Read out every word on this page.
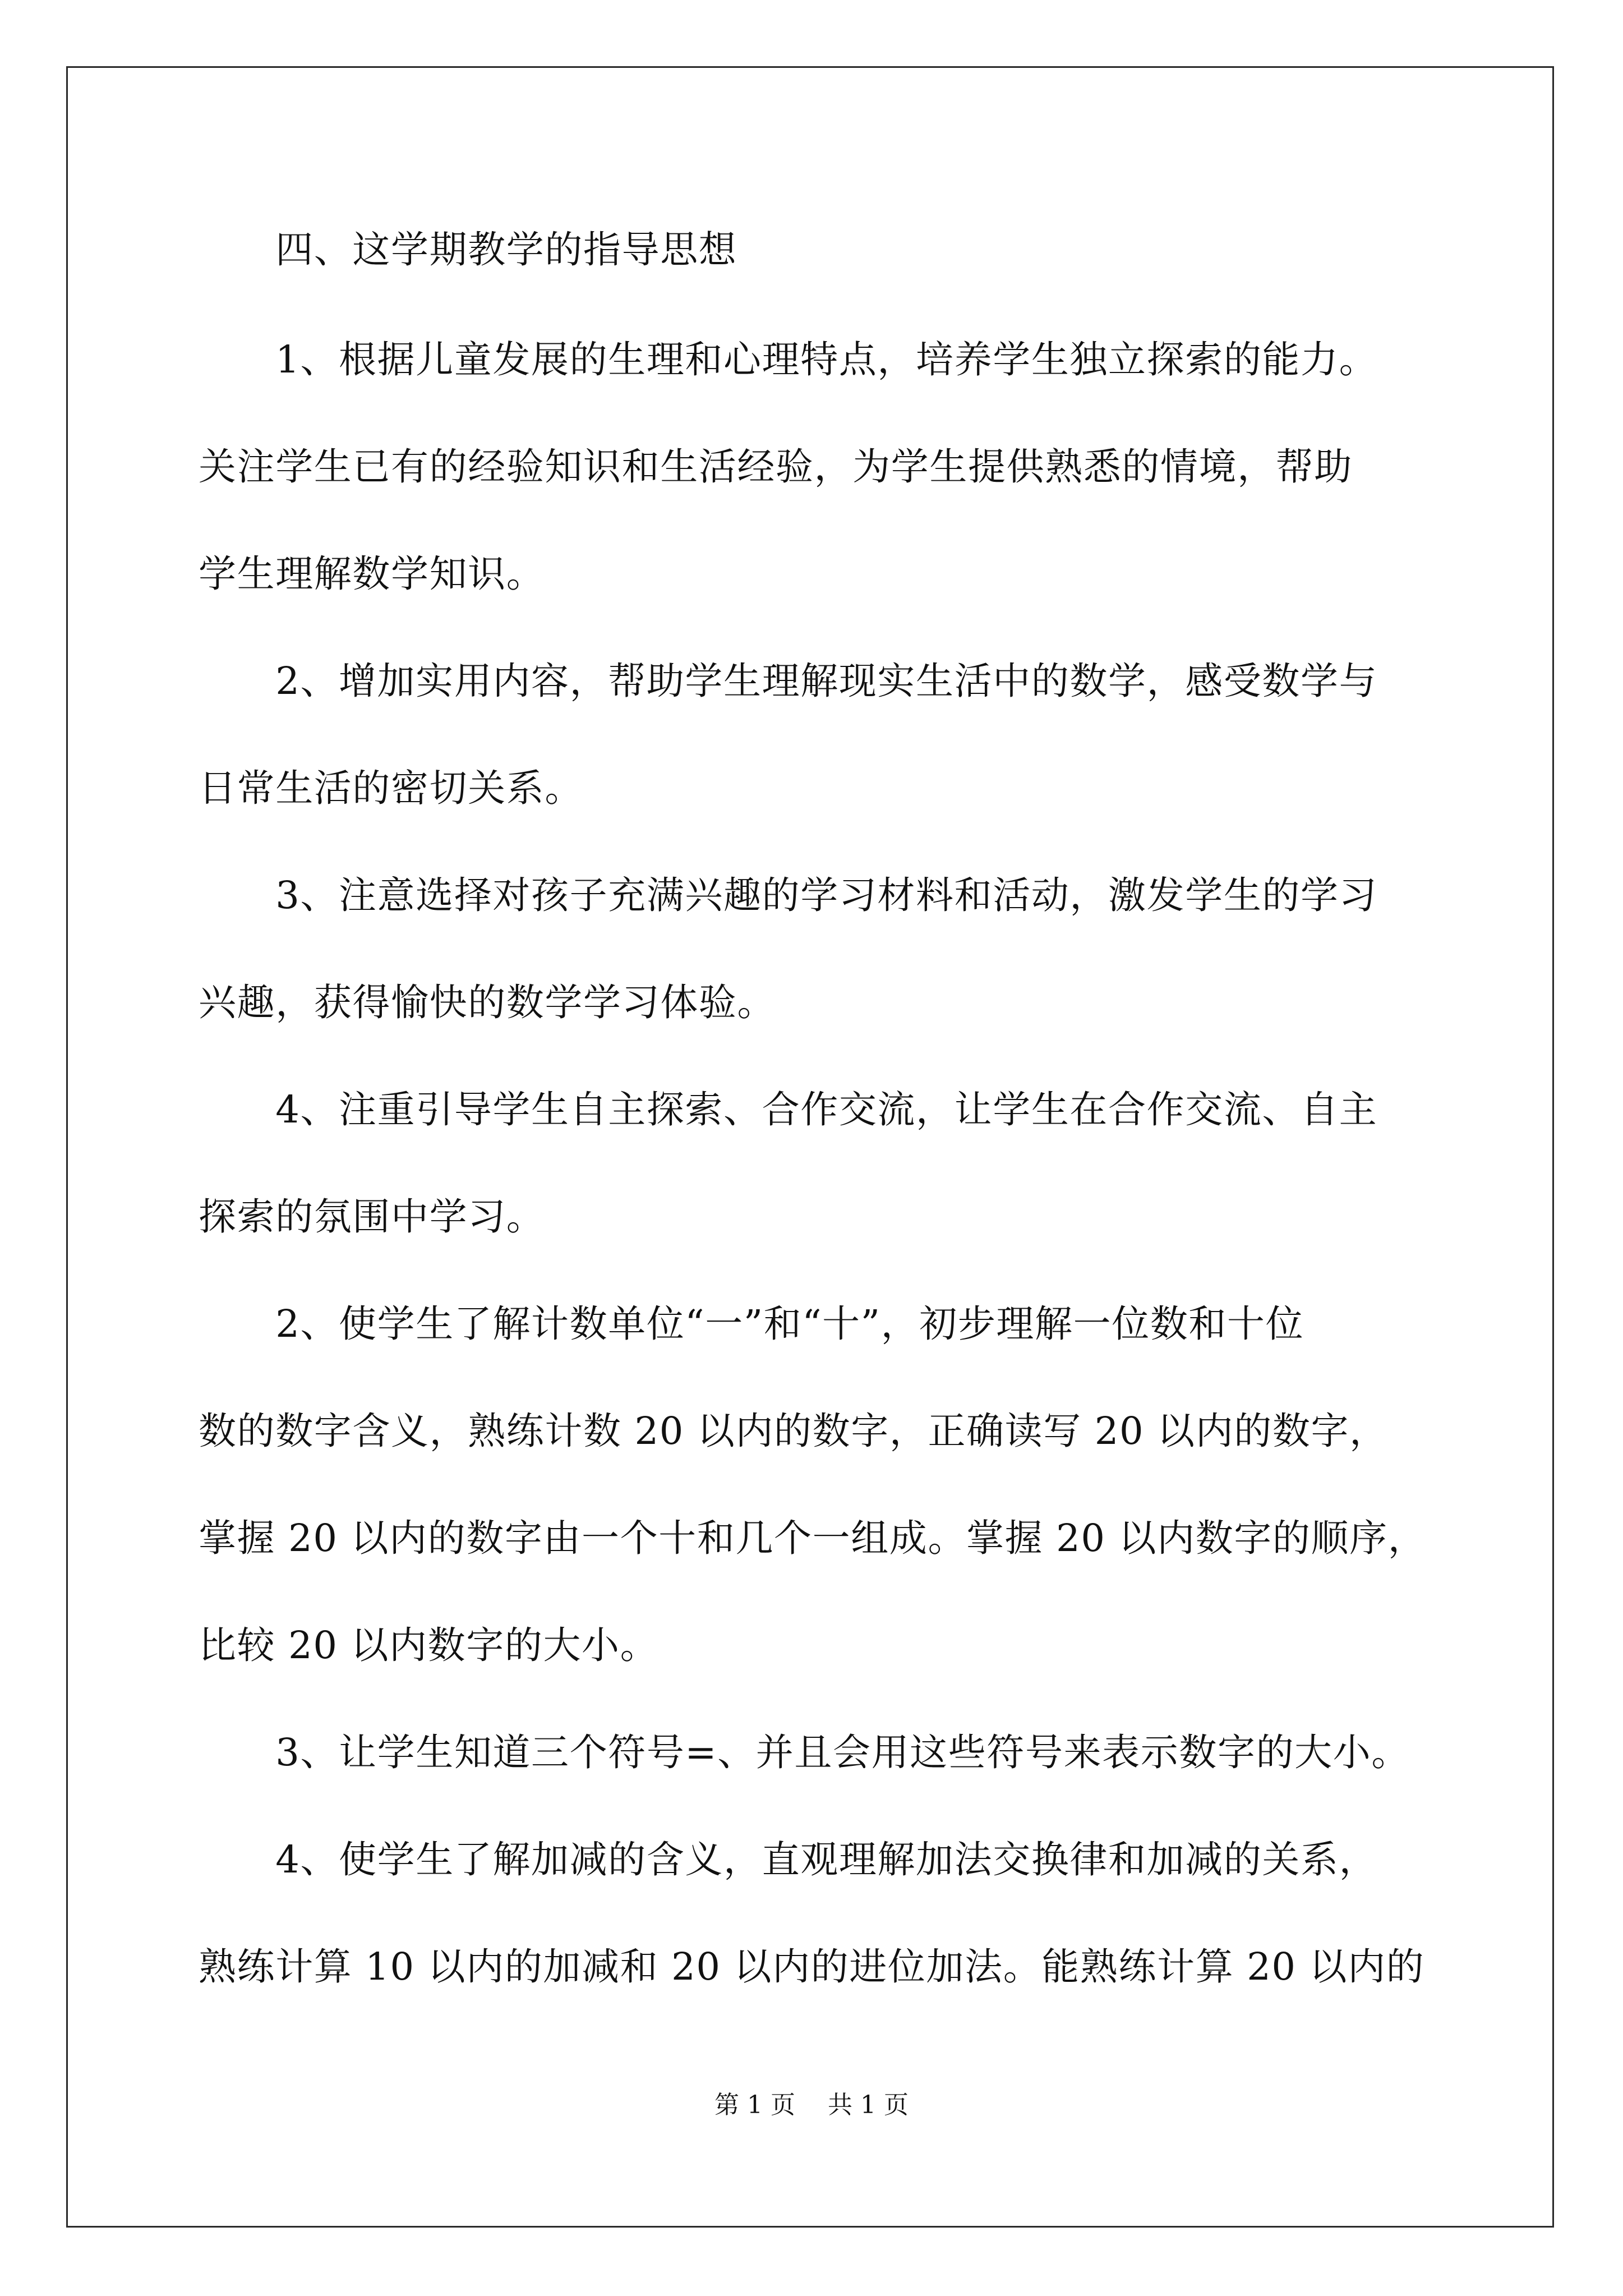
　　四、这学期教学的指导思想

　　1、根据儿童发展的生理和心理特点，培养学生独立探索的能力。

关注学生已有的经验知识和生活经验，为学生提供熟悉的情境，帮助

学生理解数学知识。

　　2、增加实用内容，帮助学生理解现实生活中的数学，感受数学与

日常生活的密切关系。

　　3、注意选择对孩子充满兴趣的学习材料和活动，激发学生的学习

兴趣，获得愉快的数学学习体验。

　　4、注重引导学生自主探索、合作交流，让学生在合作交流、自主

探索的氛围中学习。

　　2、使学生了解计数单位“一”和“十”，初步理解一位数和十位

数的数字含义，熟练计数 20 以内的数字，正确读写 20 以内的数字，

掌握 20 以内的数字由一个十和几个一组成。掌握 20 以内数字的顺序，

比较 20 以内数字的大小。

　　3、让学生知道三个符号=、并且会用这些符号来表示数字的大小。

　　4、使学生了解加减的含义，直观理解加法交换律和加减的关系，

熟练计算 10 以内的加减和 20 以内的进位加法。能熟练计算 20 以内的

第 1 页　 共 1 页
